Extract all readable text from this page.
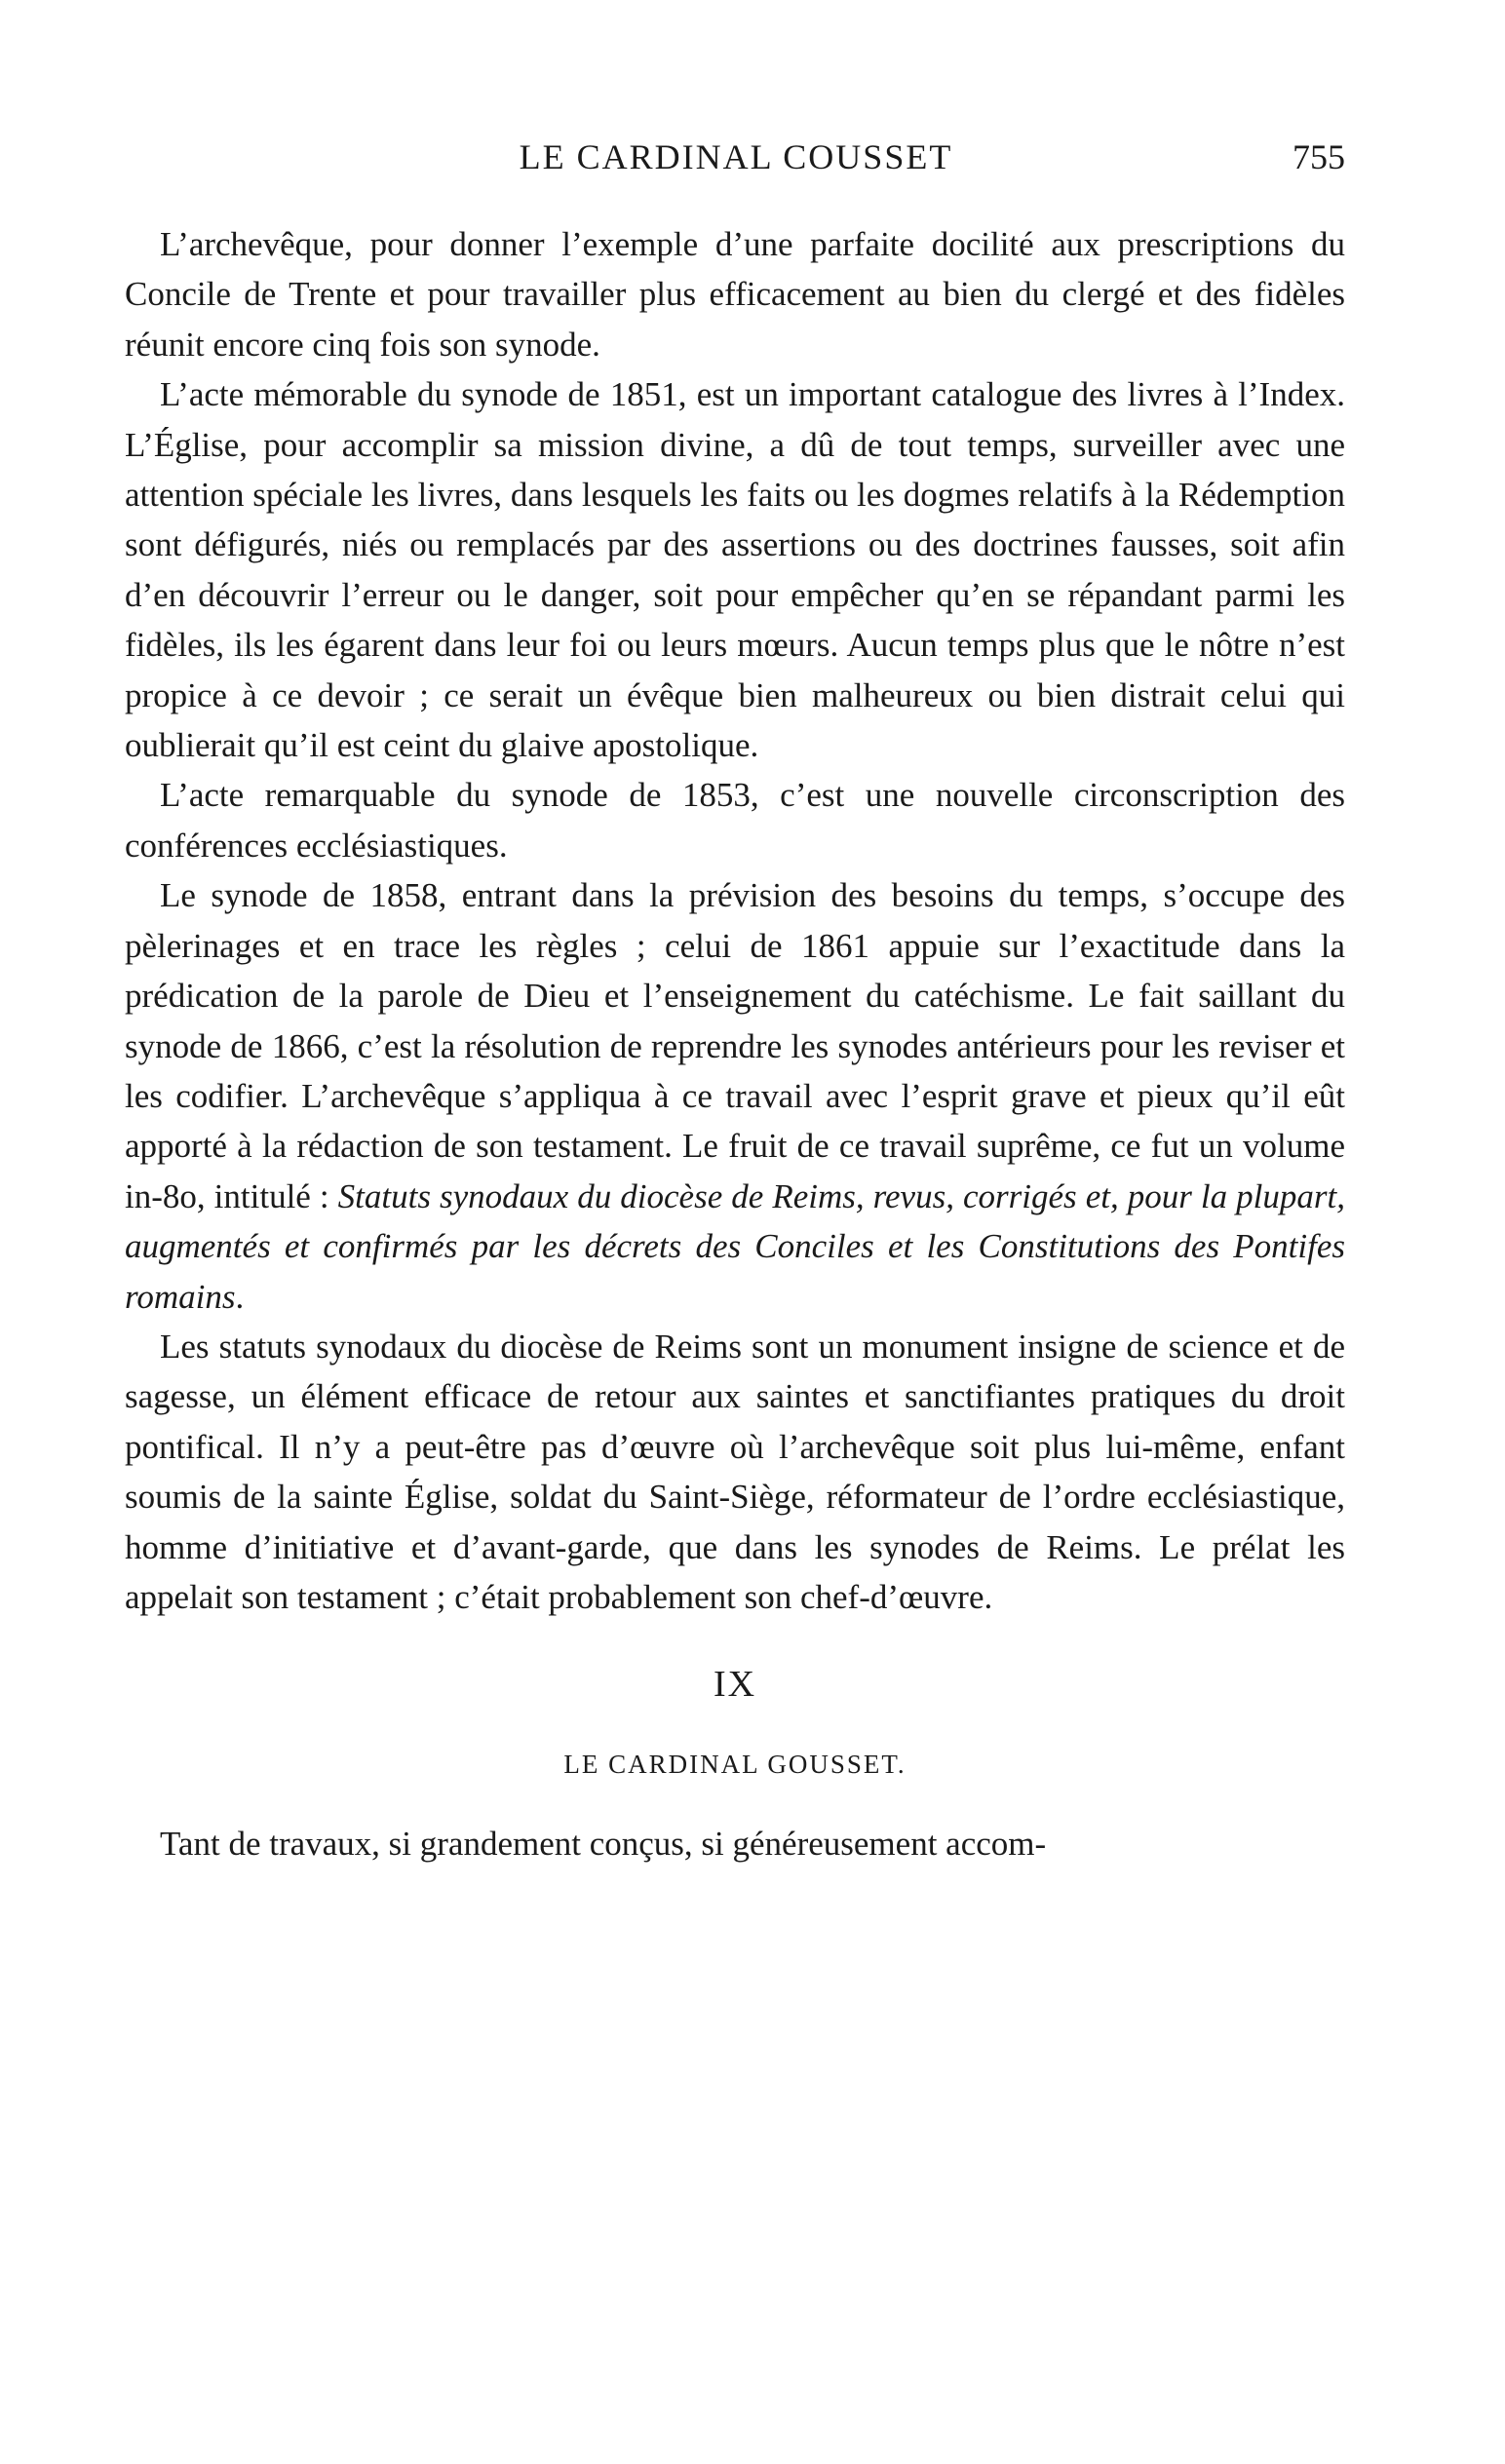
LE CARDINAL COUSSET	755

L’archevêque, pour donner l’exemple d’une parfaite docilité aux prescriptions du Concile de Trente et pour travailler plus efficacement au bien du clergé et des fidèles réunit encore cinq fois son synode.

L’acte mémorable du synode de 1851, est un important catalogue des livres à l’Index. L’Église, pour accomplir sa mission divine, a dû de tout temps, surveiller avec une attention spéciale les livres, dans lesquels les faits ou les dogmes relatifs à la Rédemption sont défigurés, niés ou remplacés par des assertions ou des doctrines fausses, soit afin d’en découvrir l’erreur ou le danger, soit pour empêcher qu’en se répandant parmi les fidèles, ils les égarent dans leur foi ou leurs mœurs. Aucun temps plus que le nôtre n’est propice à ce devoir ; ce serait un évêque bien malheureux ou bien distrait celui qui oublierait qu’il est ceint du glaive apostolique.

L’acte remarquable du synode de 1853, c’est une nouvelle circonscription des conférences ecclésiastiques.

Le synode de 1858, entrant dans la prévision des besoins du temps, s’occupe des pèlerinages et en trace les règles ; celui de 1861 appuie sur l’exactitude dans la prédication de la parole de Dieu et l’enseignement du catéchisme. Le fait saillant du synode de 1866, c’est la résolution de reprendre les synodes antérieurs pour les reviser et les codifier. L’archevêque s’appliqua à ce travail avec l’esprit grave et pieux qu’il eût apporté à la rédaction de son testament. Le fruit de ce travail suprême, ce fut un volume in-8o, intitulé : Statuts synodaux du diocèse de Reims, revus, corrigés et, pour la plupart, augmentés et confirmés par les décrets des Conciles et les Constitutions des Pontifes romains.

Les statuts synodaux du diocèse de Reims sont un monument insigne de science et de sagesse, un élément efficace de retour aux saintes et sanctifiantes pratiques du droit pontifical. Il n’y a peut-être pas d’œuvre où l’archevêque soit plus lui-même, enfant soumis de la sainte Église, soldat du Saint-Siège, réformateur de l’ordre ecclésiastique, homme d’initiative et d’avant-garde, que dans les synodes de Reims. Le prélat les appelait son testament ; c’était probablement son chef-d’œuvre.

IX
LE CARDINAL GOUSSET.

Tant de travaux, si grandement conçus, si généreusement accom-
